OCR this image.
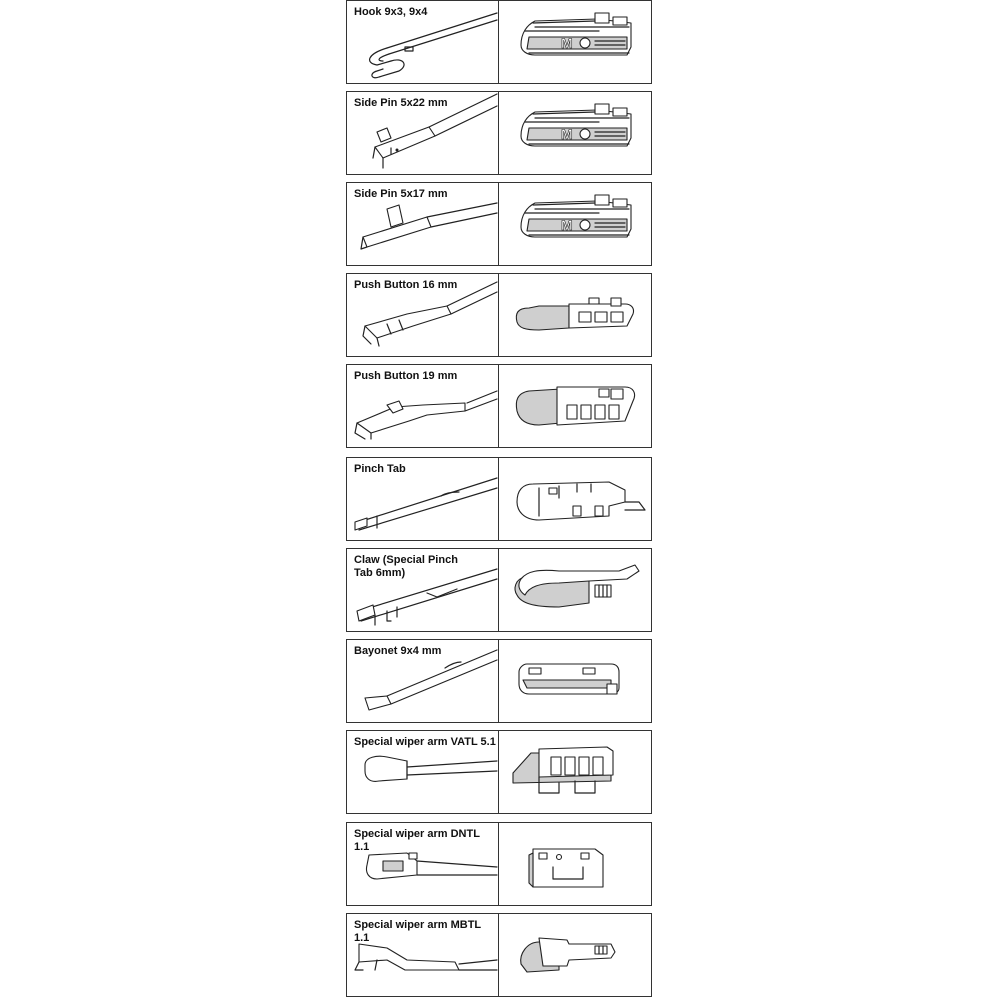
Hook 9x3, 9x4
M
Side Pin 5x22 mm
M
Side Pin 5x17 mm
M
Push Button 16 mm
Push Button 19 mm
Pinch Tab
Claw (Special Pinch Tab 6mm)
Bayonet 9x4 mm
Special wiper arm VATL 5.1
Special wiper arm DNTL 1.1
Special wiper arm MBTL 1.1
